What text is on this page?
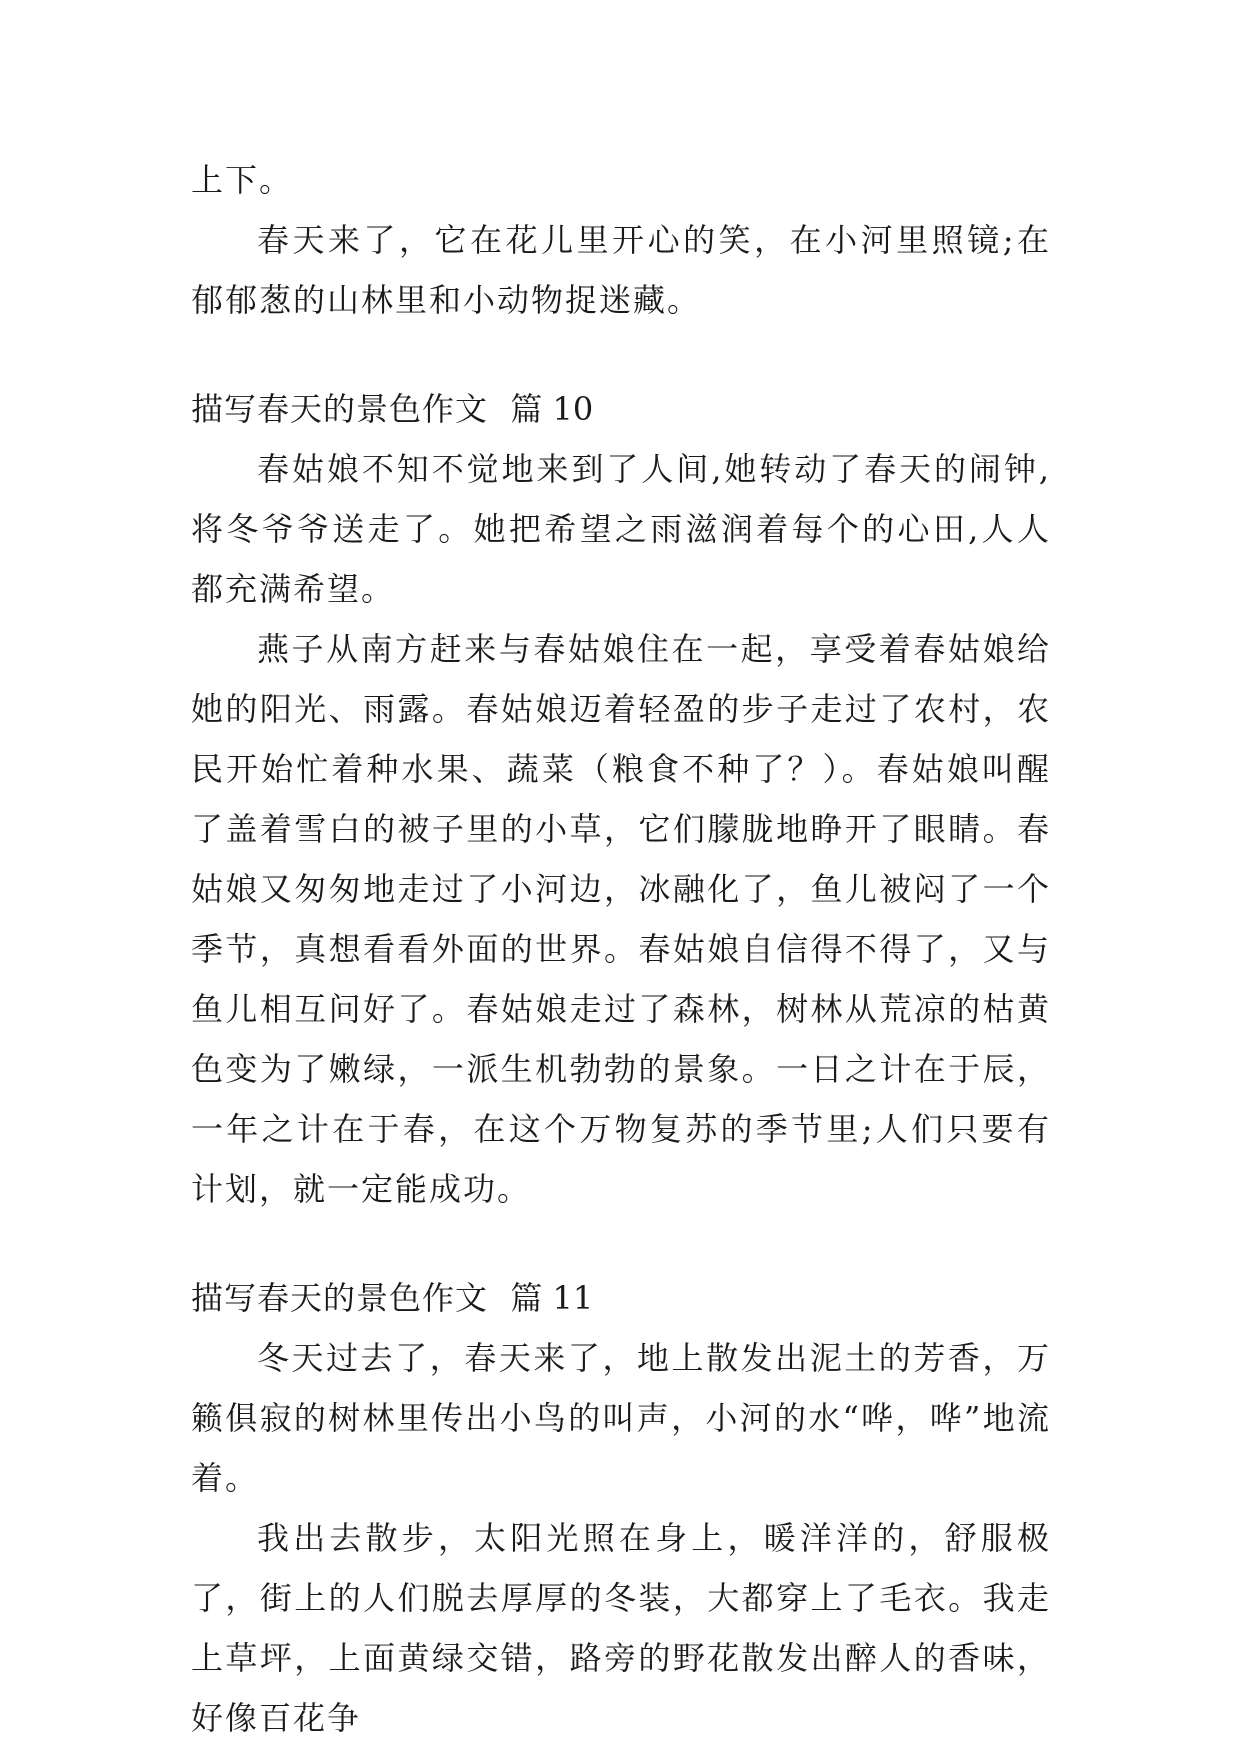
上下。

春天来了，它在花儿里开心的笑，在小河里照镜;在郁郁葱的山林里和小动物捉迷藏。

描写春天的景色作文 篇 10

春姑娘不知不觉地来到了人间,她转动了春天的闹钟,将冬爷爷送走了。她把希望之雨滋润着每个的心田,人人都充满希望。

燕子从南方赶来与春姑娘住在一起，享受着春姑娘给她的阳光、雨露。春姑娘迈着轻盈的步子走过了农村，农民开始忙着种水果、蔬菜（粮食不种了？）。春姑娘叫醒了盖着雪白的被子里的小草，它们朦胧地睁开了眼睛。春姑娘又匆匆地走过了小河边，冰融化了，鱼儿被闷了一个季节，真想看看外面的世界。春姑娘自信得不得了，又与鱼儿相互问好了。春姑娘走过了森林，树林从荒凉的枯黄色变为了嫩绿，一派生机勃勃的景象。一日之计在于辰，一年之计在于春，在这个万物复苏的季节里;人们只要有计划，就一定能成功。

描写春天的景色作文 篇 11

冬天过去了，春天来了，地上散发出泥土的芳香，万籁俱寂的树林里传出小鸟的叫声，小河的水“哗，哗”地流着。

我出去散步，太阳光照在身上，暖洋洋的，舒服极了，街上的人们脱去厚厚的冬装，大都穿上了毛衣。我走上草坪，上面黄绿交错，路旁的野花散发出醉人的香味，好像百花争
